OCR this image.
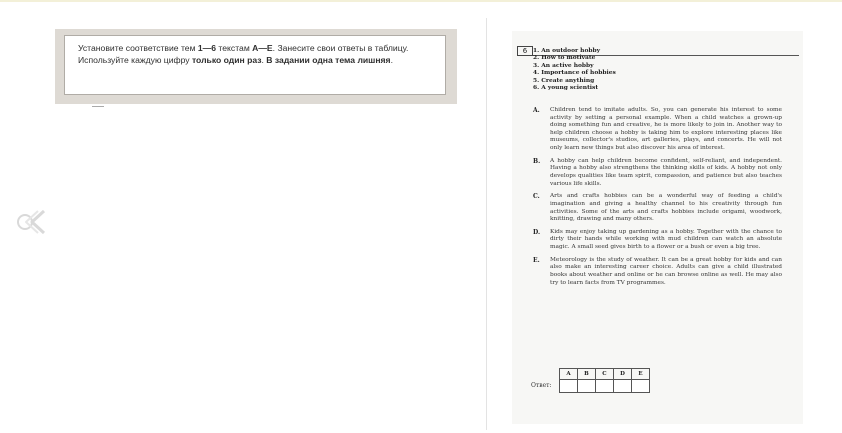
Установите соответствие тем 1—6 текстам A—E. Занесите свои ответы в таблицу. Используйте каждую цифру только один раз. В задании одна тема лишняя.
6 1. An outdoor hobby
2. How to motivate
3. An active hobby
4. Importance of hobbies
5. Create anything
6. A young scientist
A.	Children tend to imitate adults. So, you can generate his interest to some activity by setting a personal example. When a child watches a grown-up doing something fun and creative, he is more likely to join in. Another way to help children choose a hobby is taking him to explore interesting places like museums, collector's studios, art galleries, plays, and concerts. He will not only learn new things but also discover his area of interest.
B.	A hobby can help children become confident, self-reliant, and independent. Having a hobby also strengthens the thinking skills of kids. A hobby not only develops qualities like team spirit, compassion, and patience but also teaches various life skills.
C.	Arts and crafts hobbies can be a wonderful way of feeding a child's imagination and giving a healthy channel to his creativity through fun activities. Some of the arts and crafts hobbies include origami, woodwork, knitting, drawing and many others.
D.	Kids may enjoy taking up gardening as a hobby. Together with the chance to dirty their hands while working with mud children can watch an absolute magic. A small seed gives birth to a flower or a bush or even a big tree.
E.	Meteorology is the study of weather. It can be a great hobby for kids and can also make an interesting career choice. Adults can give a child illustrated books about weather and online or he can browse online as well. He may also try to learn facts from TV programmes.
Ответ:
A	B	C	D	E
